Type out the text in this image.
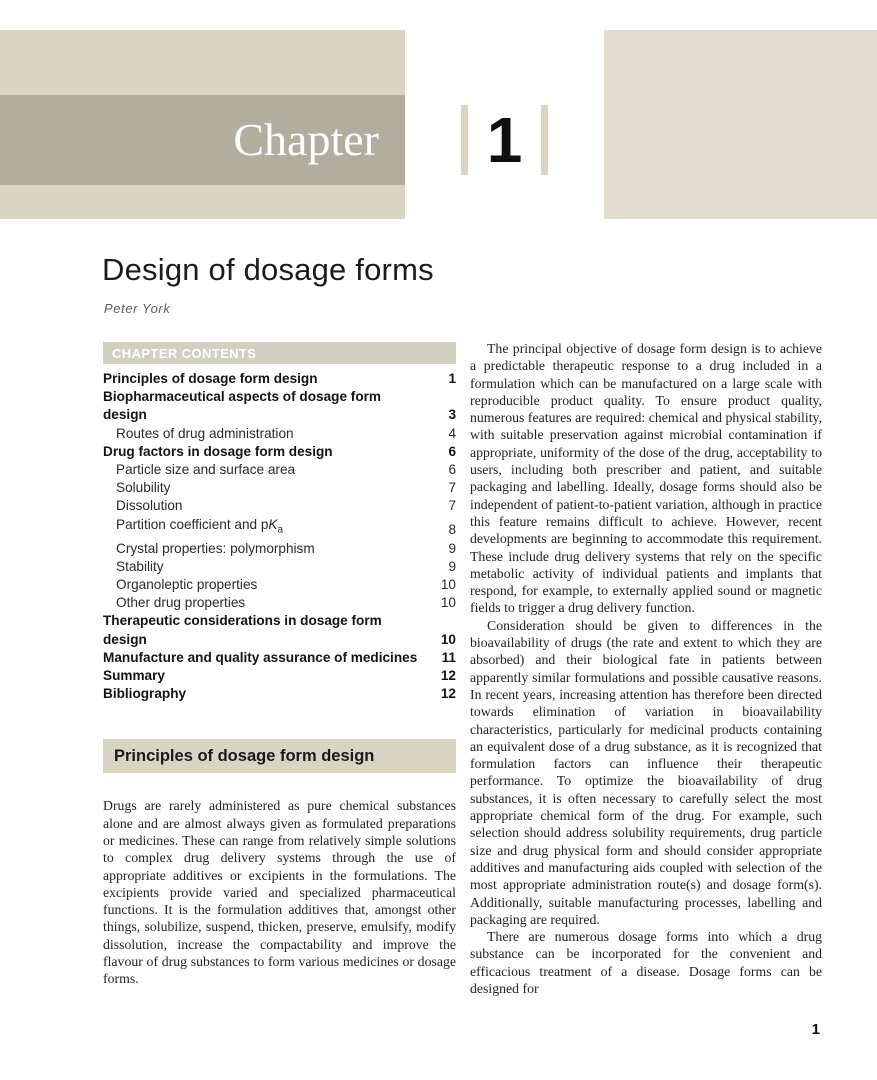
Chapter 1
Design of dosage forms
Peter York
CHAPTER CONTENTS
Principles of dosage form design	1
Biopharmaceutical aspects of dosage form design	3
Routes of drug administration	4
Drug factors in dosage form design	6
Particle size and surface area	6
Solubility	7
Dissolution	7
Partition coefficient and $pK_a$	8
Crystal properties: polymorphism	9
Stability	9
Organoleptic properties	10
Other drug properties	10
Therapeutic considerations in dosage form design	10
Manufacture and quality assurance of medicines	11
Summary	12
Bibliography	12
Principles of dosage form design
Drugs are rarely administered as pure chemical substances alone and are almost always given as formulated preparations or medicines. These can range from relatively simple solutions to complex drug delivery systems through the use of appropriate additives or excipients in the formulations. The excipients provide varied and specialized pharmaceutical functions. It is the formulation additives that, amongst other things, solubilize, suspend, thicken, preserve, emulsify, modify dissolution, increase the compactability and improve the flavour of drug substances to form various medicines or dosage forms.

The principal objective of dosage form design is to achieve a predictable therapeutic response to a drug included in a formulation which can be manufactured on a large scale with reproducible product quality. To ensure product quality, numerous features are required: chemical and physical stability, with suitable preservation against microbial contamination if appropriate, uniformity of the dose of the drug, acceptability to users, including both prescriber and patient, and suitable packaging and labelling. Ideally, dosage forms should also be independent of patient-to-patient variation, although in practice this feature remains difficult to achieve. However, recent developments are beginning to accommodate this requirement. These include drug delivery systems that rely on the specific metabolic activity of individual patients and implants that respond, for example, to externally applied sound or magnetic fields to trigger a drug delivery function.

Consideration should be given to differences in the bioavailability of drugs (the rate and extent to which they are absorbed) and their biological fate in patients between apparently similar formulations and possible causative reasons. In recent years, increasing attention has therefore been directed towards elimination of variation in bioavailability characteristics, particularly for medicinal products containing an equivalent dose of a drug substance, as it is recognized that formulation factors can influence their therapeutic performance. To optimize the bioavailability of drug substances, it is often necessary to carefully select the most appropriate chemical form of the drug. For example, such selection should address solubility requirements, drug particle size and drug physical form and should consider appropriate additives and manufacturing aids coupled with selection of the most appropriate administration route(s) and dosage form(s). Additionally, suitable manufacturing processes, labelling and packaging are required.

There are numerous dosage forms into which a drug substance can be incorporated for the convenient and efficacious treatment of a disease. Dosage forms can be designed for

1
